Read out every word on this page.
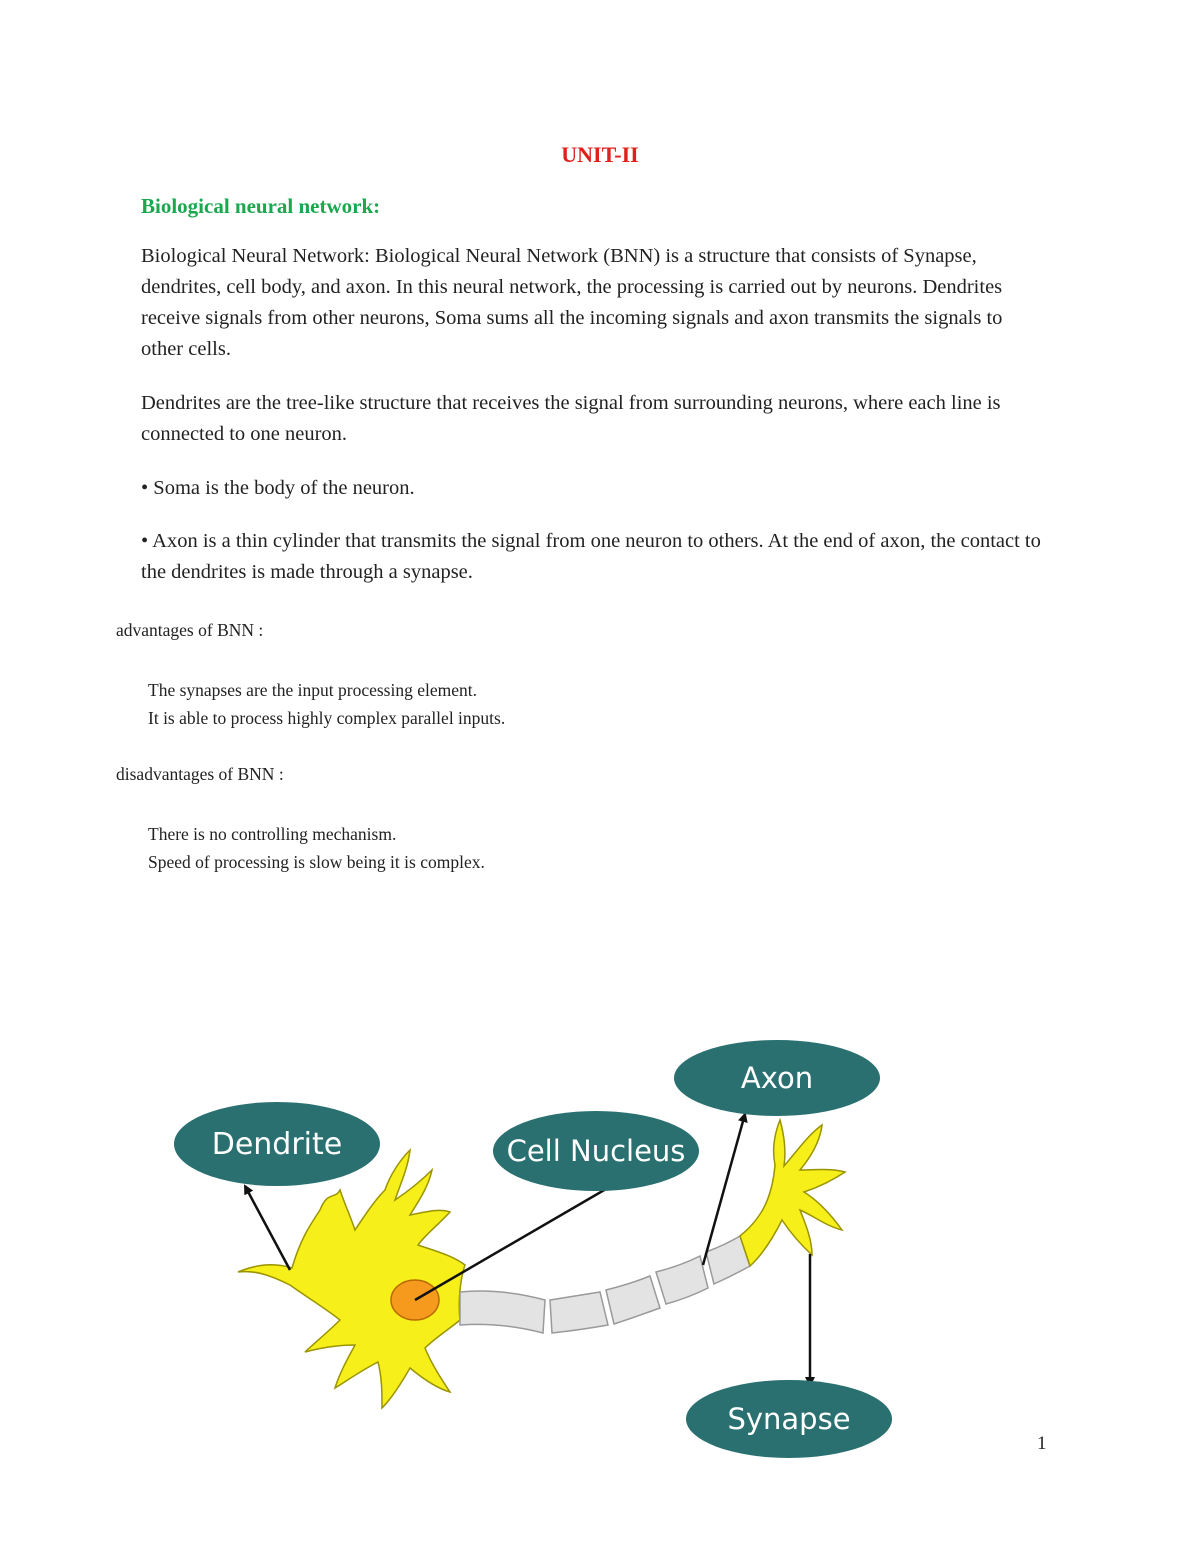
UNIT-II
Biological neural network:
Biological Neural Network: Biological Neural Network (BNN) is a structure that consists of Synapse, dendrites, cell body, and axon. In this neural network, the processing is carried out by neurons. Dendrites receive signals from other neurons, Soma sums all the incoming signals and axon transmits the signals to other cells.
Dendrites are the tree-like structure that receives the signal from surrounding neurons, where each line is connected to one neuron.
• Soma is the body of the neuron.
• Axon is a thin cylinder that transmits the signal from one neuron to others. At the end of axon, the contact to the dendrites is made through a synapse.
advantages of BNN :
The synapses are the input processing element.
It is able to process highly complex parallel inputs.
disadvantages of BNN :
There is no controlling mechanism.
Speed of processing is slow being it is complex.
Dendrite	Cell Nucleus
Axon
Synapse
1
